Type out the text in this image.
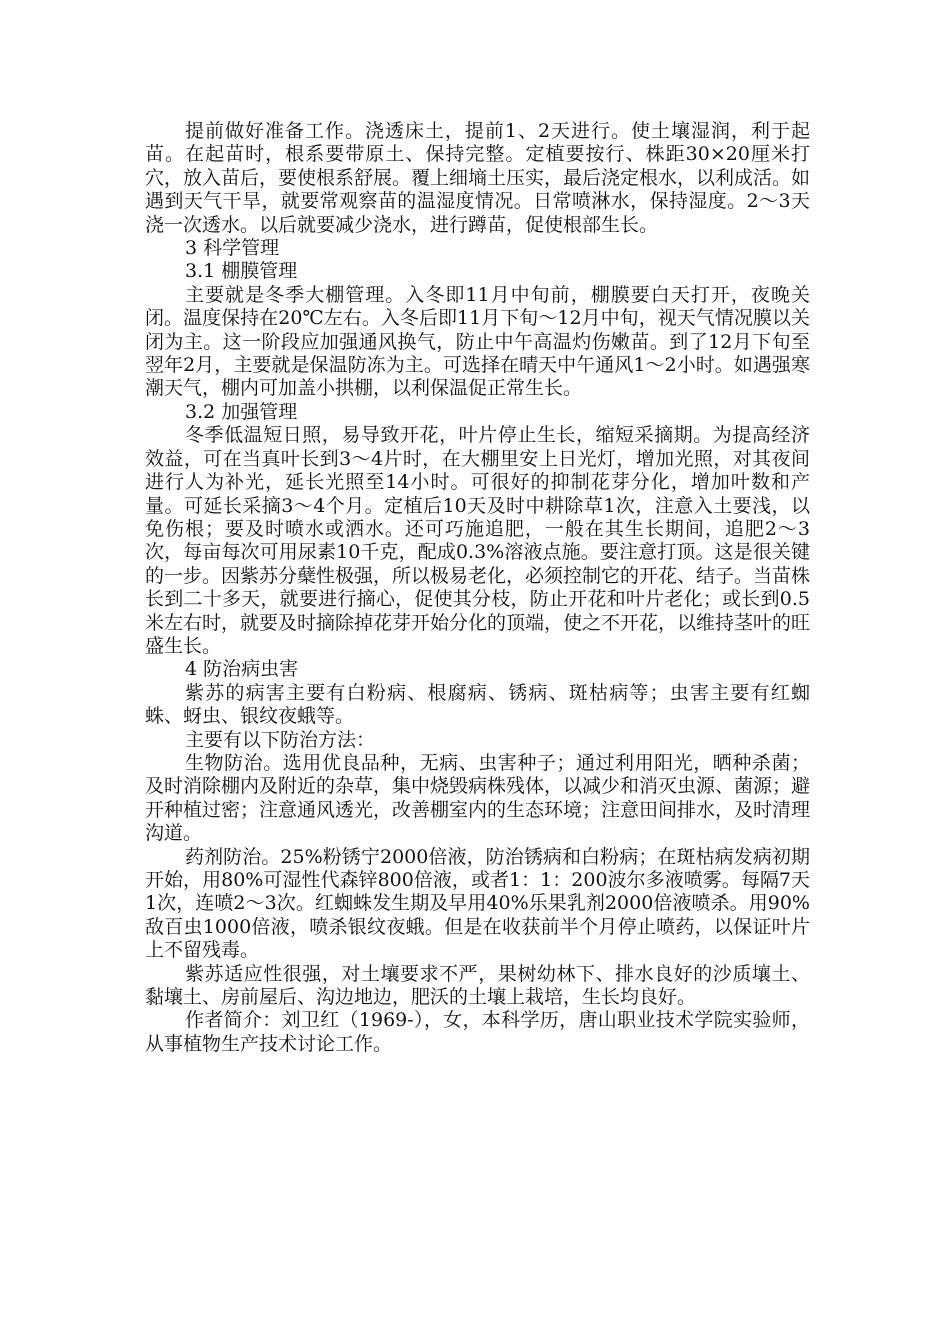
提前做好准备工作。浇透床土，提前1、2天进行。使土壤湿润，利于起苗。在起苗时，根系要带原土、保持完整。定植要按行、株距30×20厘米打穴，放入苗后，要使根系舒展。覆上细墒土压实，最后浇定根水，以利成活。如遇到天气干旱，就要常观察苗的温湿度情况。日常喷淋水，保持湿度。2～3天浇一次透水。以后就要减少浇水，进行蹲苗，促使根部生长。

3 科学管理

3.1 棚膜管理

主要就是冬季大棚管理。入冬即11月中旬前，棚膜要白天打开，夜晚关闭。温度保持在20℃左右。入冬后即11月下旬～12月中旬，视天气情况膜以关闭为主。这一阶段应加强通风换气，防止中午高温灼伤嫩苗。到了12月下旬至翌年2月，主要就是保温防冻为主。可选择在晴天中午通风1～2小时。如遇强寒潮天气，棚内可加盖小拱棚，以利保温促正常生长。

3.2 加强管理

冬季低温短日照，易导致开花，叶片停止生长，缩短采摘期。为提高经济效益，可在当真叶长到3～4片时，在大棚里安上日光灯，增加光照，对其夜间进行人为补光，延长光照至14小时。可很好的抑制花芽分化，增加叶数和产量。可延长采摘3～4个月。定植后10天及时中耕除草1次，注意入土要浅，以免伤根；要及时喷水或洒水。还可巧施追肥，一般在其生长期间，追肥2～3次，每亩每次可用尿素10千克，配成0.3%溶液点施。要注意打顶。这是很关键的一步。因紫苏分蘖性极强，所以极易老化，必须控制它的开花、结子。当苗株长到二十多天，就要进行摘心，促使其分枝，防止开花和叶片老化；或长到0.5米左右时，就要及时摘除掉花芽开始分化的顶端，使之不开花，以维持茎叶的旺盛生长。

4 防治病虫害

紫苏的病害主要有白粉病、根腐病、锈病、斑枯病等；虫害主要有红蜘蛛、蚜虫、银纹夜蛾等。

主要有以下防治方法：

生物防治。选用优良品种，无病、虫害种子；通过利用阳光，晒种杀菌；及时消除棚内及附近的杂草，集中烧毁病株残体，以减少和消灭虫源、菌源；避开种植过密；注意通风透光，改善棚室内的生态环境；注意田间排水，及时清理沟道。

药剂防治。25%粉锈宁2000倍液，防治锈病和白粉病；在斑枯病发病初期开始，用80%可湿性代森锌800倍液，或者1：1：200波尔多液喷雾。每隔7天1次，连喷2～3次。红蜘蛛发生期及早用40%乐果乳剂2000倍液喷杀。用90%敌百虫1000倍液，喷杀银纹夜蛾。但是在收获前半个月停止喷药，以保证叶片上不留残毒。

紫苏适应性很强，对土壤要求不严，果树幼林下、排水良好的沙质壤土、黏壤土、房前屋后、沟边地边，肥沃的土壤上栽培，生长均良好。

作者简介：刘卫红（1969-），女，本科学历，唐山职业技术学院实验师，从事植物生产技术讨论工作。
